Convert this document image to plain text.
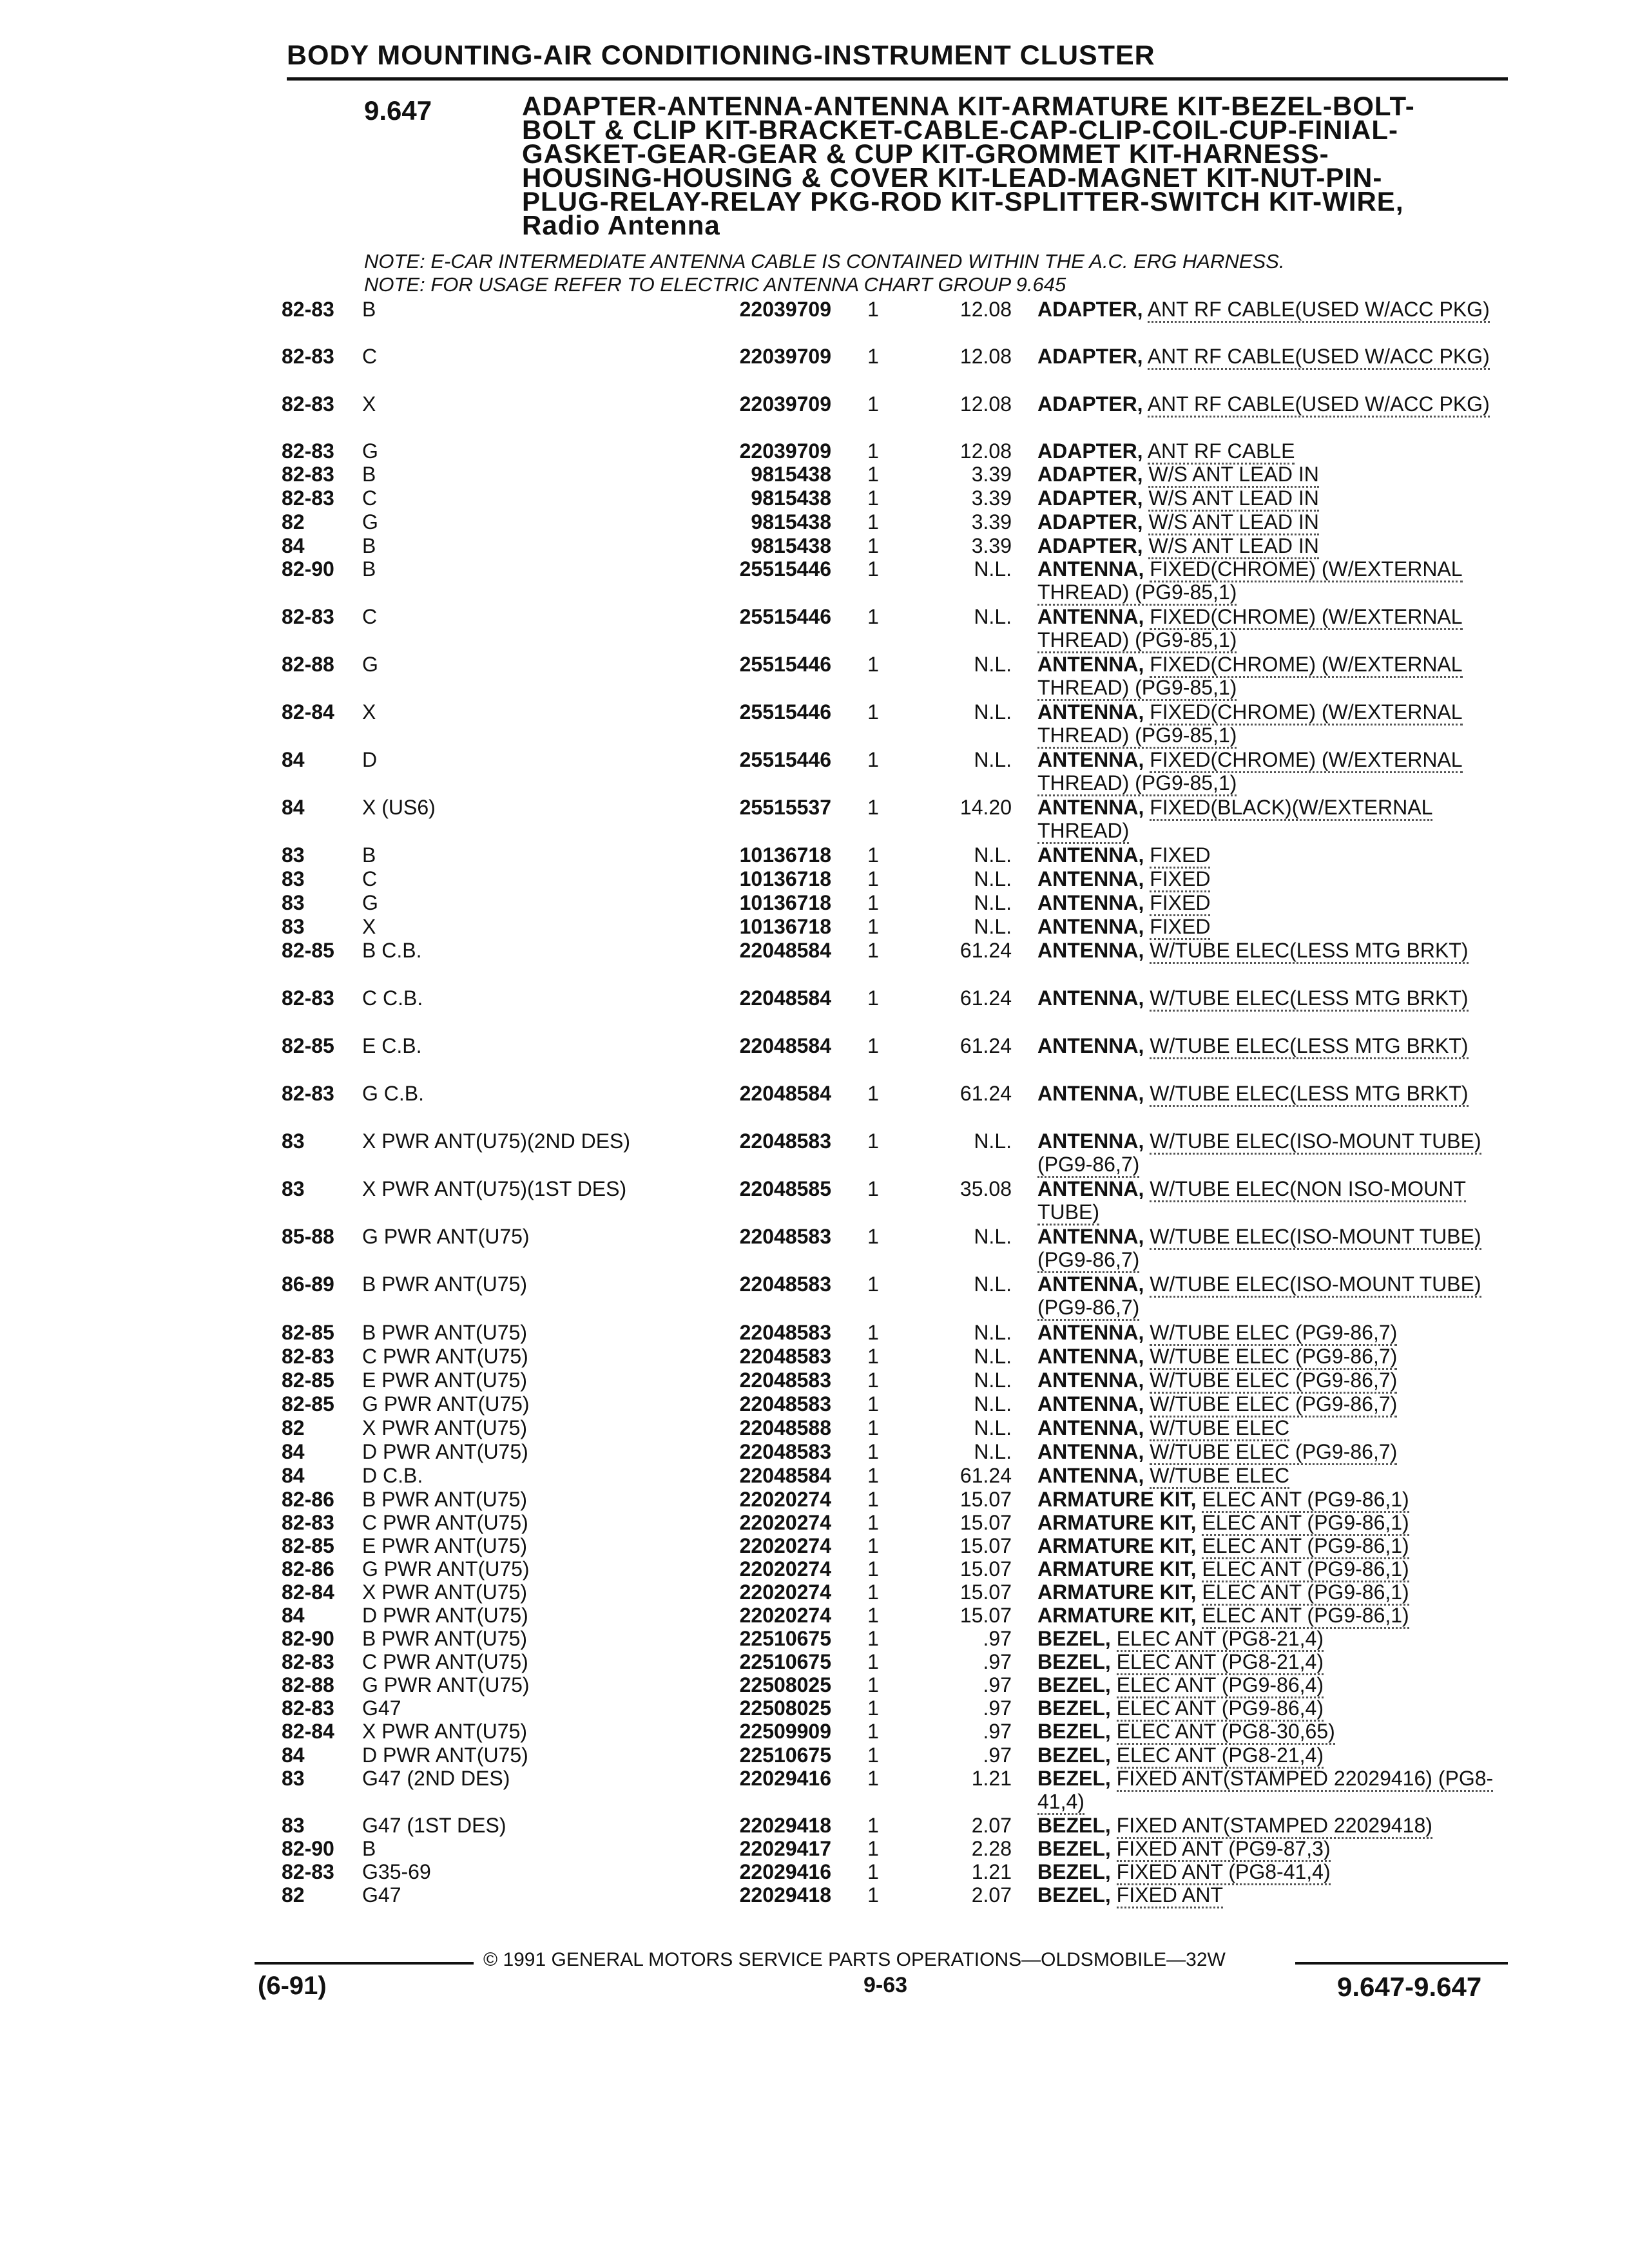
BODY MOUNTING-AIR CONDITIONING-INSTRUMENT CLUSTER
9.647	ADAPTER-ANTENNA-ANTENNA KIT-ARMATURE KIT-BEZEL-BOLT-BOLT & CLIP KIT-BRACKET-CABLE-CAP-CLIP-COIL-CUP-FINIAL-GASKET-GEAR-GEAR & CUP KIT-GROMMET KIT-HARNESS-HOUSING-HOUSING & COVER KIT-LEAD-MAGNET KIT-NUT-PIN-PLUG-RELAY-RELAY PKG-ROD KIT-SPLITTER-SWITCH KIT-WIRE, Radio Antenna
NOTE: E-CAR INTERMEDIATE ANTENNA CABLE IS CONTAINED WITHIN THE A.C. ERG HARNESS.
NOTE: FOR USAGE REFER TO ELECTRIC ANTENNA CHART GROUP 9.645
82-83 B	22039709 1	12.08 ADAPTER, ANT RF CABLE(USED W/ACC PKG)
82-83 C	22039709 1	12.08 ADAPTER, ANT RF CABLE(USED W/ACC PKG)
82-83 X	22039709 1	12.08 ADAPTER, ANT RF CABLE(USED W/ACC PKG)
82-83 G	22039709 1	12.08 ADAPTER, ANT RF CABLE
82-83 B	9815438 1	3.39 ADAPTER, W/S ANT LEAD IN
82-83 C	9815438 1	3.39 ADAPTER, W/S ANT LEAD IN
82	G	9815438 1	3.39 ADAPTER, W/S ANT LEAD IN
84	B	9815438 1	3.39 ADAPTER, W/S ANT LEAD IN
82-90 B	25515446 1	N.L. ANTENNA, FIXED(CHROME) (W/EXTERNAL THREAD) (PG9-85,1)
82-83 C	25515446 1	N.L. ANTENNA, FIXED(CHROME) (W/EXTERNAL THREAD) (PG9-85,1)
82-88 G	25515446 1	N.L. ANTENNA, FIXED(CHROME) (W/EXTERNAL THREAD) (PG9-85,1)
82-84 X	25515446 1	N.L. ANTENNA, FIXED(CHROME) (W/EXTERNAL THREAD) (PG9-85,1)
84	D	25515446 1	N.L. ANTENNA, FIXED(CHROME) (W/EXTERNAL THREAD) (PG9-85,1)
84	X (US6)	25515537 1	14.20 ANTENNA, FIXED(BLACK)(W/EXTERNAL THREAD)
83	B	10136718 1	N.L. ANTENNA, FIXED
83	C	10136718 1	N.L. ANTENNA, FIXED
83	G	10136718 1	N.L. ANTENNA, FIXED
83	X	10136718 1	N.L. ANTENNA, FIXED
82-85 B C.B.	22048584 1	61.24 ANTENNA, W/TUBE ELEC(LESS MTG BRKT)
82-83 C C.B.	22048584 1	61.24 ANTENNA, W/TUBE ELEC(LESS MTG BRKT)
82-85 E C.B.	22048584 1	61.24 ANTENNA, W/TUBE ELEC(LESS MTG BRKT)
82-83 G C.B.	22048584 1	61.24 ANTENNA, W/TUBE ELEC(LESS MTG BRKT)
83	X PWR ANT(U75)(2ND DES)	22048583 1	N.L. ANTENNA, W/TUBE ELEC(ISO-MOUNT TUBE) (PG9-86,7)
83	X PWR ANT(U75)(1ST DES)	22048585 1	35.08 ANTENNA, W/TUBE ELEC(NON ISO-MOUNT TUBE)
85-88 G PWR ANT(U75)	22048583 1	N.L. ANTENNA, W/TUBE ELEC(ISO-MOUNT TUBE) (PG9-86,7)
86-89 B PWR ANT(U75)	22048583 1	N.L. ANTENNA, W/TUBE ELEC(ISO-MOUNT TUBE) (PG9-86,7)
82-85 B PWR ANT(U75)	22048583 1	N.L. ANTENNA, W/TUBE ELEC (PG9-86,7)
82-83 C PWR ANT(U75)	22048583 1	N.L. ANTENNA, W/TUBE ELEC (PG9-86,7)
82-85 E PWR ANT(U75)	22048583 1	N.L. ANTENNA, W/TUBE ELEC (PG9-86,7)
82-85 G PWR ANT(U75)	22048583 1	N.L. ANTENNA, W/TUBE ELEC (PG9-86,7)
82	X PWR ANT(U75)	22048588 1	N.L. ANTENNA, W/TUBE ELEC
84	D PWR ANT(U75)	22048583 1	N.L. ANTENNA, W/TUBE ELEC (PG9-86,7)
84	D C.B.	22048584 1	61.24 ANTENNA, W/TUBE ELEC
82-86 B PWR ANT(U75)	22020274 1	15.07 ARMATURE KIT, ELEC ANT (PG9-86,1)
82-83 C PWR ANT(U75)	22020274 1	15.07 ARMATURE KIT, ELEC ANT (PG9-86,1)
82-85 E PWR ANT(U75)	22020274 1	15.07 ARMATURE KIT, ELEC ANT (PG9-86,1)
82-86 G PWR ANT(U75)	22020274 1	15.07 ARMATURE KIT, ELEC ANT (PG9-86,1)
82-84 X PWR ANT(U75)	22020274 1	15.07 ARMATURE KIT, ELEC ANT (PG9-86,1)
84	D PWR ANT(U75)	22020274 1	15.07 ARMATURE KIT, ELEC ANT (PG9-86,1)
82-90 B PWR ANT(U75)	22510675 1	.97 BEZEL, ELEC ANT (PG8-21,4)
82-83 C PWR ANT(U75)	22510675 1	.97 BEZEL, ELEC ANT (PG8-21,4)
82-88 G PWR ANT(U75)	22508025 1	.97 BEZEL, ELEC ANT (PG9-86,4)
82-83 G47	22508025 1	.97 BEZEL, ELEC ANT (PG9-86,4)
82-84 X PWR ANT(U75)	22509909 1	.97 BEZEL, ELEC ANT (PG8-30,65)
84	D PWR ANT(U75)	22510675 1	.97 BEZEL, ELEC ANT (PG8-21,4)
83	G47 (2ND DES)	22029416 1	1.21 BEZEL, FIXED ANT(STAMPED 22029416) (PG8-41,4)
83	G47 (1ST DES)	22029418 1	2.07 BEZEL, FIXED ANT(STAMPED 22029418)
82-90 B	22029417 1	2.28 BEZEL, FIXED ANT (PG9-87,3)
82-83 G35-69	22029416 1	1.21 BEZEL, FIXED ANT (PG8-41,4)
82	G47	22029418 1	2.07 BEZEL, FIXED ANT
© 1991 GENERAL MOTORS SERVICE PARTS OPERATIONS—OLDSMOBILE—32W
(6-91)	9-63	9.647-9.647
